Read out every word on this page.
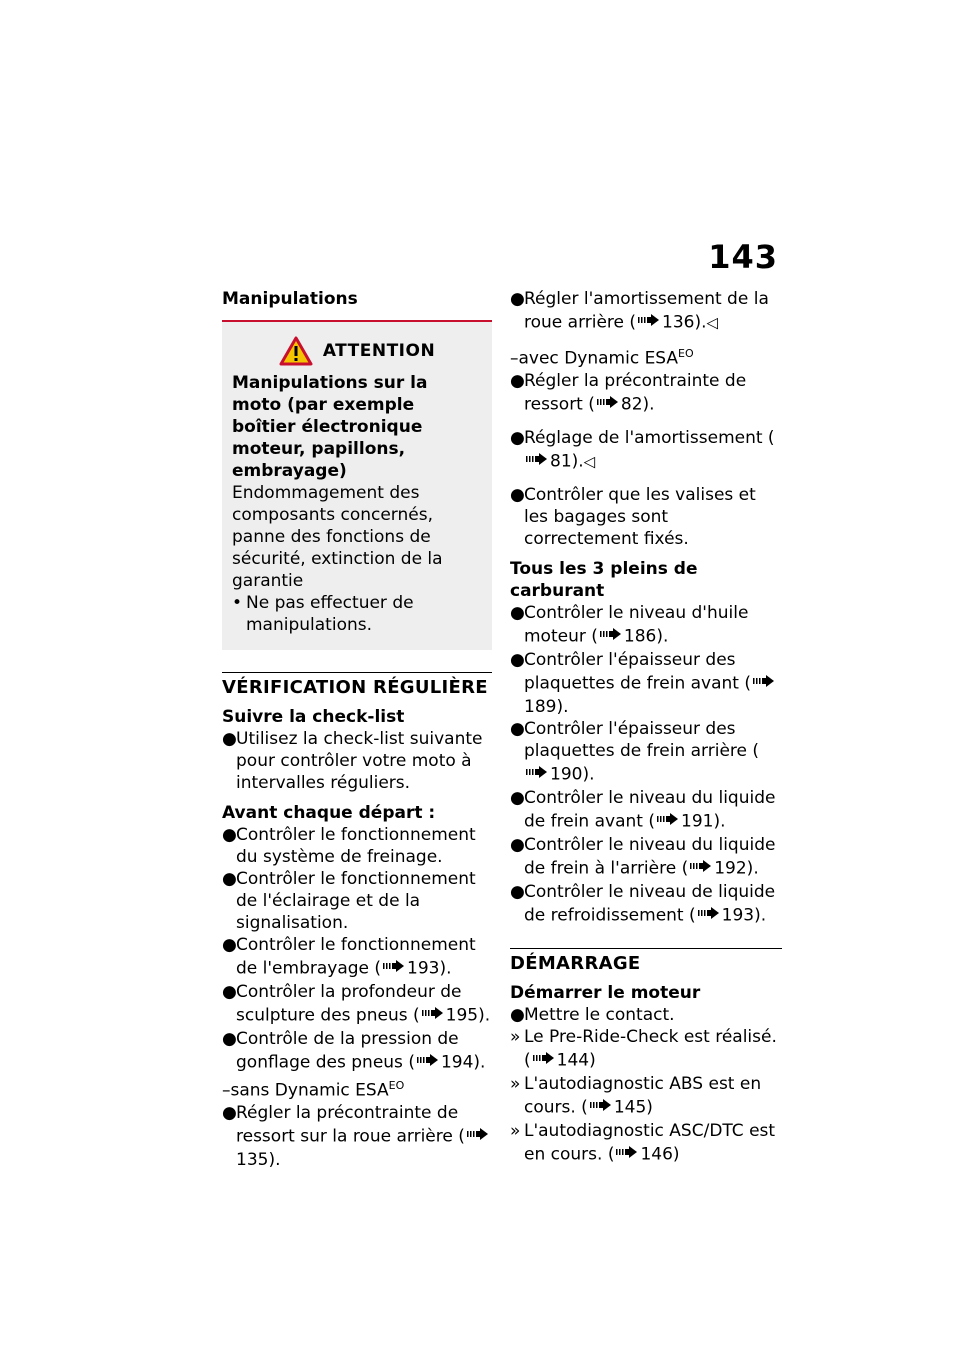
143

Manipulations

ATTENTION
Manipulations sur la moto (par exemple boîtier électronique moteur, papillons, embrayage)
Endommagement des composants concernés, panne des fonctions de sécurité, extinction de la garantie
• Ne pas effectuer de manipulations.
VÉRIFICATION RÉGULIÈRE

Suivre la check-list

● Utilisez la check-list suivante pour contrôler votre moto à intervalles réguliers.

Avant chaque départ :

● Contrôler le fonctionnement du système de freinage.
● Contrôler le fonctionnement de l'éclairage et de la signalisation.
● Contrôler le fonctionnement de l'embrayage ( 193).
● Contrôler la profondeur de sculpture des pneus ( 195).
● Contrôle de la pression de gonflage des pneus ( 194).
–sans Dynamic $ESA^{EO}$
● Régler la précontrainte de ressort sur la roue arrière (135).
● Régler l'amortissement de la roue arrière ( 136).◁
–avec Dynamic $ESA^{EO}$
● Régler la précontrainte de ressort ( 82).
● Réglage de l'amortissement (81).◁
● Contrôler que les valises et les bagages sont correctement fixés.

Tous les 3 pleins de carburant

● Contrôler le niveau d'huile moteur ( 186).
● Contrôler l'épaisseur des plaquettes de frein avant (189).
● Contrôler l'épaisseur des plaquettes de frein arrière (190).
● Contrôler le niveau du liquide de frein avant ( 191).
● Contrôler le niveau du liquide de frein à l'arrière ( 192).
● Contrôler le niveau de liquide de refroidissement ( 193).
DÉMARRAGE

Démarrer le moteur

● Mettre le contact.
» Le Pre-Ride-Check est réalisé. ( 144)
» L'autodiagnostic ABS est en cours. ( 145)
» L'autodiagnostic ASC/DTC est en cours. ( 146)
